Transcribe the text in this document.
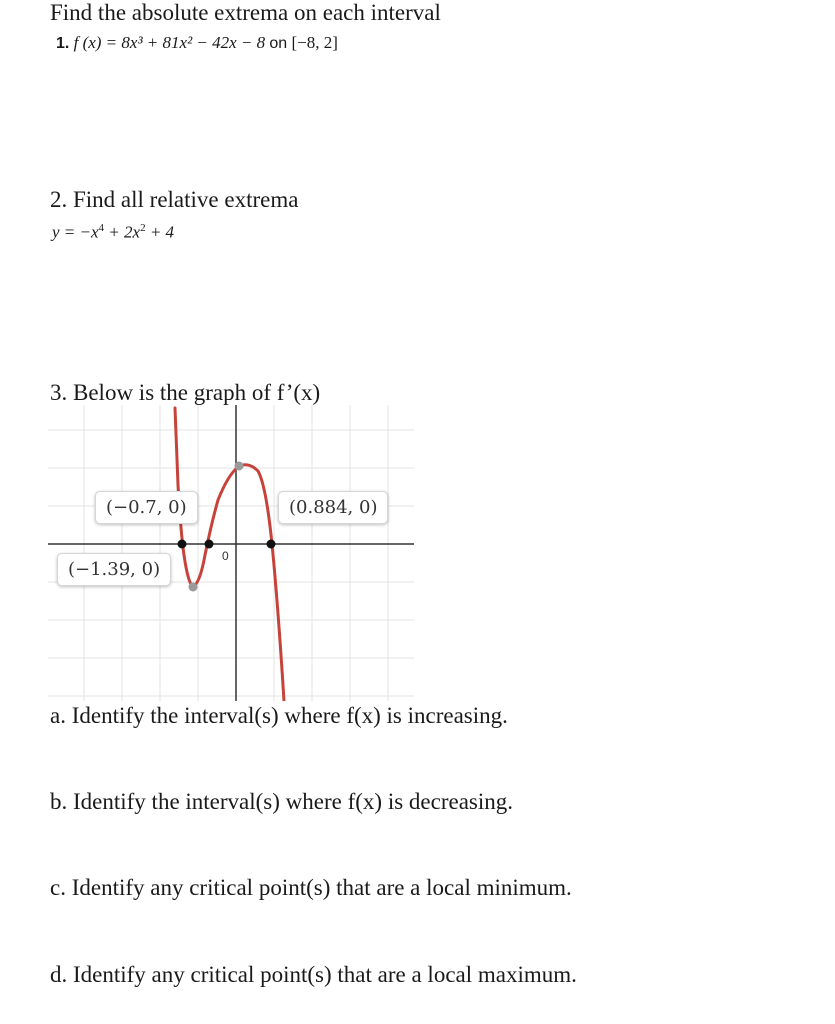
Find the absolute extrema on each interval
1. f (x) = 8x³ + 81x² − 42x − 8 on [−8, 2]
2. Find all relative extrema
$y = -x^4 + 2x^2 + 4$
3. Below is the graph of f’(x)
0
(−0.7, 0)	(0.884, 0)
(−1.39, 0)
a. Identify the interval(s) where f(x) is increasing.
b. Identify the interval(s) where f(x) is decreasing.
c. Identify any critical point(s) that are a local minimum.
d. Identify any critical point(s) that are a local maximum.
